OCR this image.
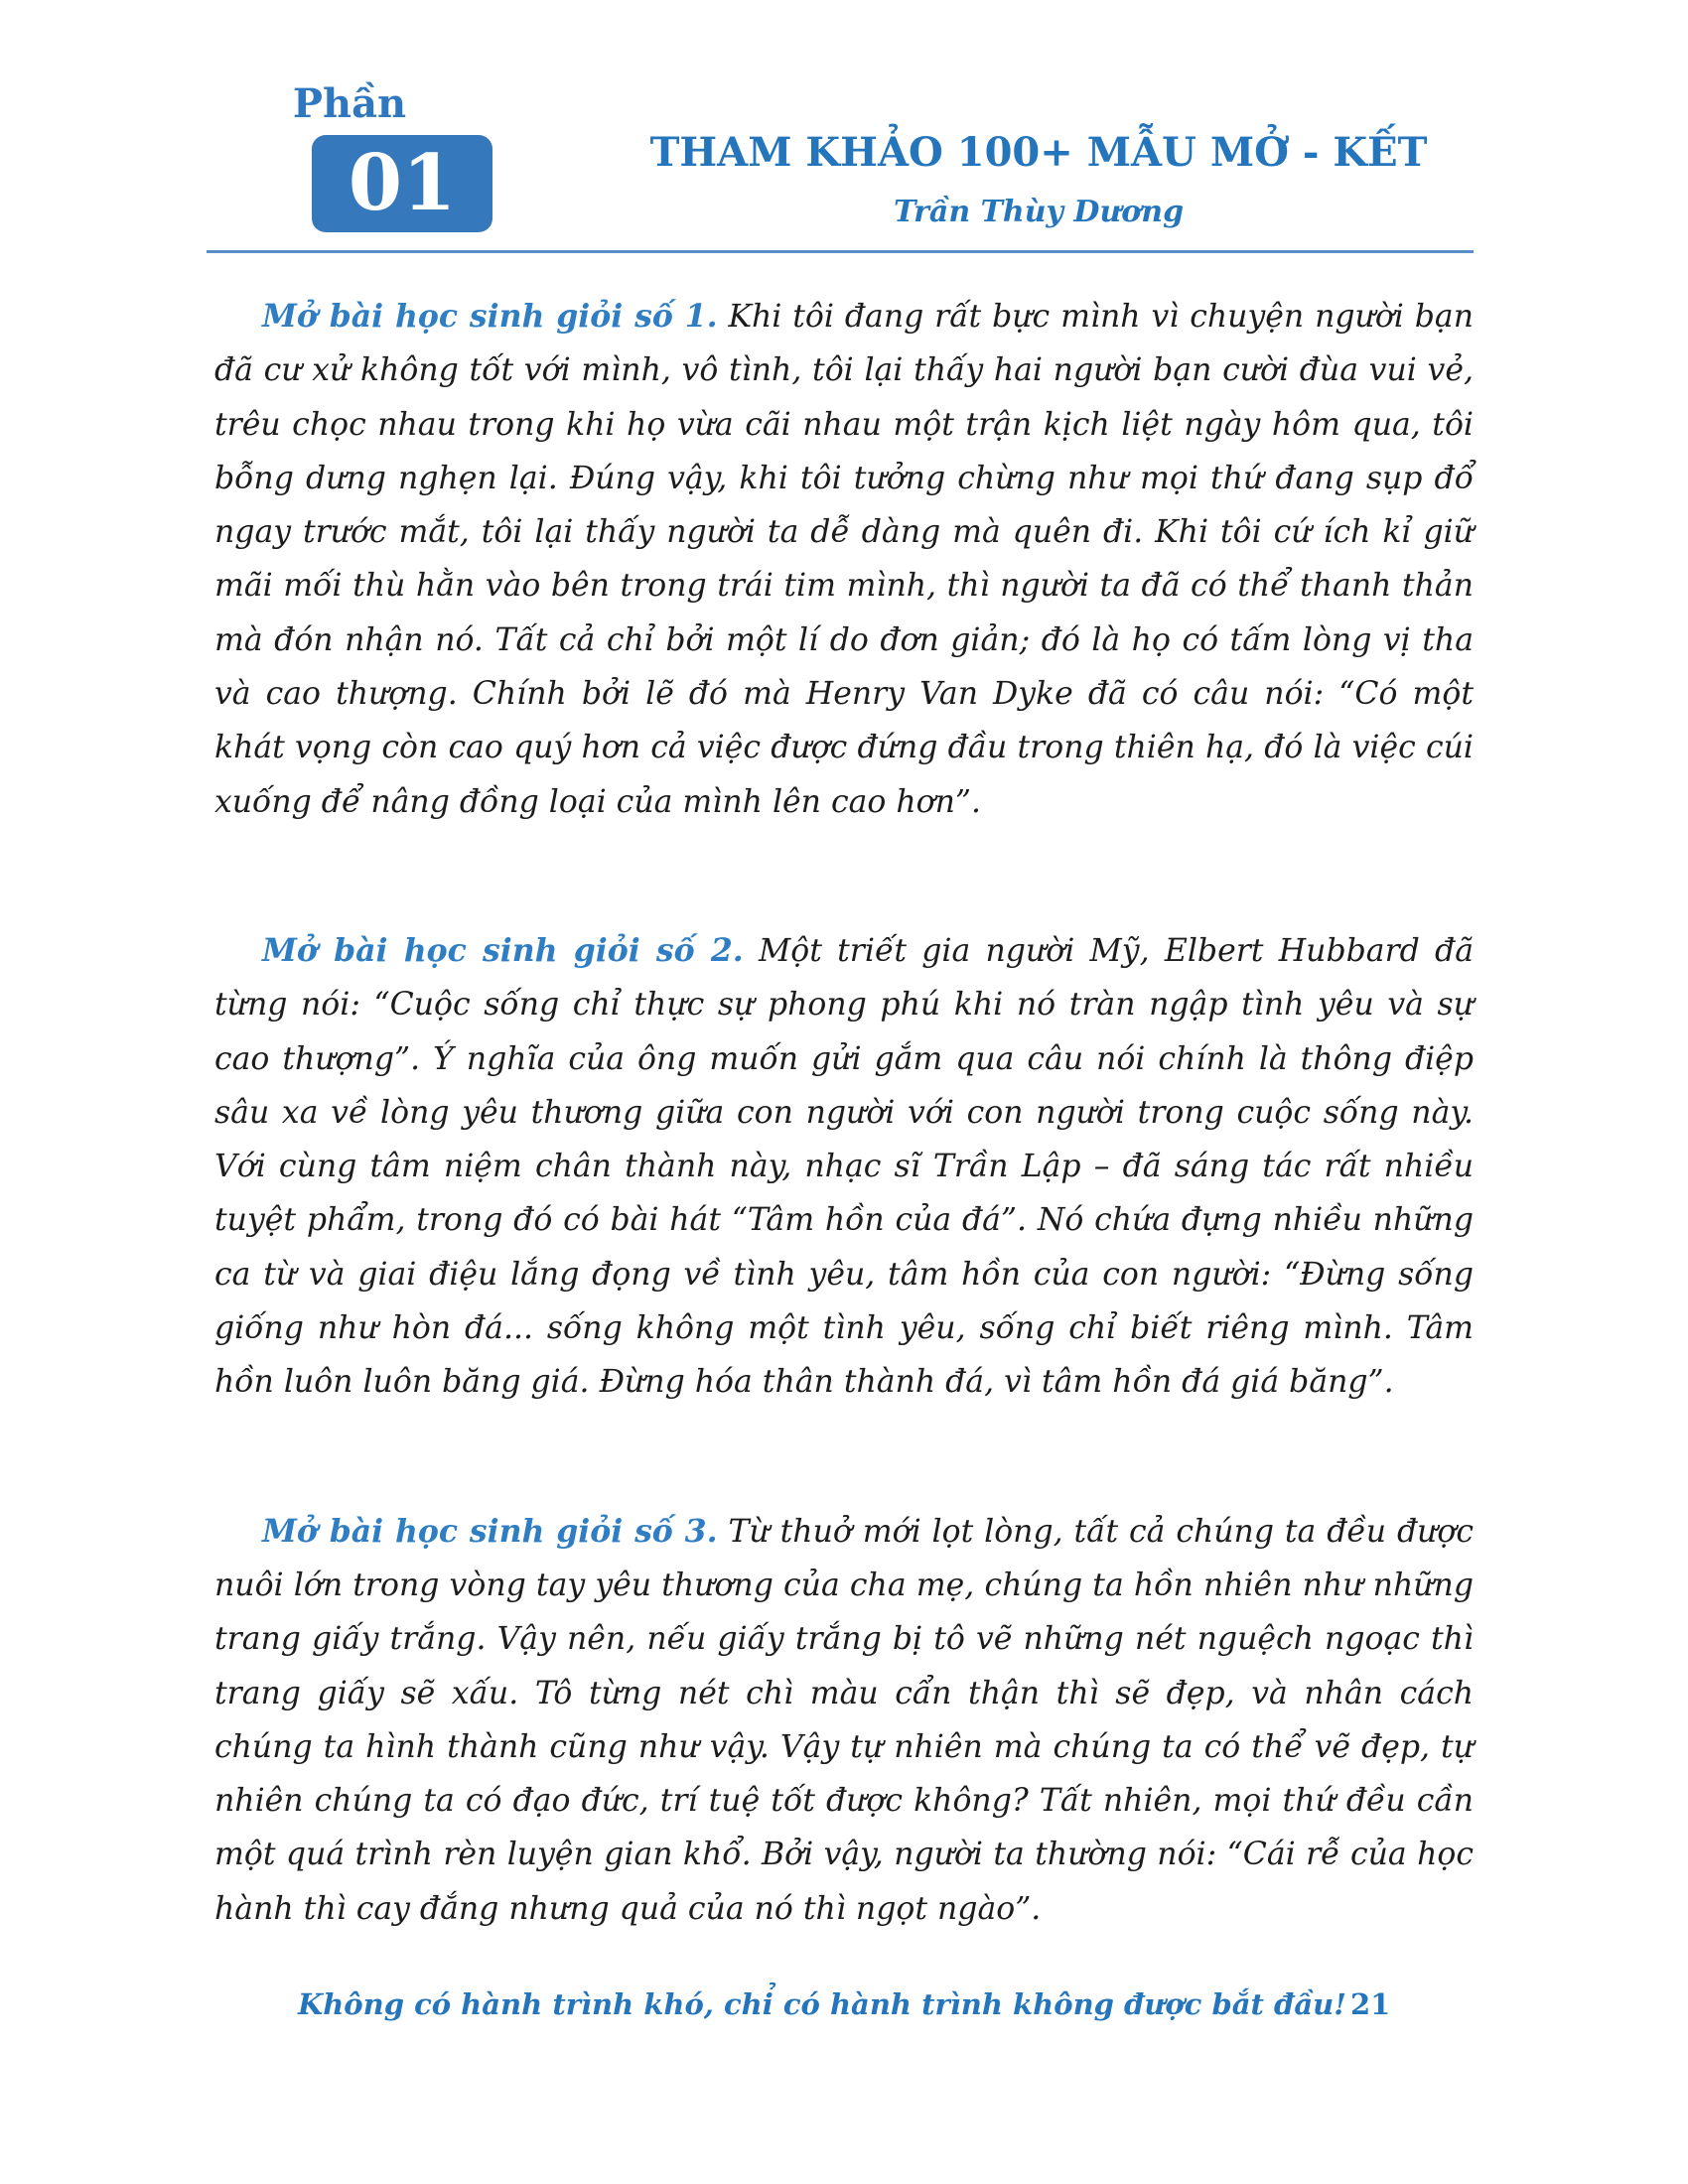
Phần
01	THAM KHẢO 100+ MẪU MỞ - KẾT
Trần Thùy Dương

Mở bài học sinh giỏi số 1. Khi tôi đang rất bực mình vì chuyện người bạn đã cư xử không tốt với mình, vô tình, tôi lại thấy hai người bạn cười đùa vui vẻ, trêu chọc nhau trong khi họ vừa cãi nhau một trận kịch liệt ngày hôm qua, tôi bỗng dưng nghẹn lại. Đúng vậy, khi tôi tưởng chừng như mọi thứ đang sụp đổ ngay trước mắt, tôi lại thấy người ta dễ dàng mà quên đi. Khi tôi cứ ích kỉ giữ mãi mối thù hằn vào bên trong trái tim mình, thì người ta đã có thể thanh thản mà đón nhận nó. Tất cả chỉ bởi một lí do đơn giản; đó là họ có tấm lòng vị tha và cao thượng. Chính bởi lẽ đó mà Henry Van Dyke đã có câu nói: “Có một khát vọng còn cao quý hơn cả việc được đứng đầu trong thiên hạ, đó là việc cúi xuống để nâng đồng loại của mình lên cao hơn”.

Mở bài học sinh giỏi số 2. Một triết gia người Mỹ, Elbert Hubbard đã từng nói: “Cuộc sống chỉ thực sự phong phú khi nó tràn ngập tình yêu và sự cao thượng”. Ý nghĩa của ông muốn gửi gắm qua câu nói chính là thông điệp sâu xa về lòng yêu thương giữa con người với con người trong cuộc sống này. Với cùng tâm niệm chân thành này, nhạc sĩ Trần Lập – đã sáng tác rất nhiều tuyệt phẩm, trong đó có bài hát “Tâm hồn của đá”. Nó chứa đựng nhiều những ca từ và giai điệu lắng đọng về tình yêu, tâm hồn của con người: “Đừng sống giống như hòn đá... sống không một tình yêu, sống chỉ biết riêng mình. Tâm hồn luôn luôn băng giá. Đừng hóa thân thành đá, vì tâm hồn đá giá băng”.

Mở bài học sinh giỏi số 3. Từ thuở mới lọt lòng, tất cả chúng ta đều được nuôi lớn trong vòng tay yêu thương của cha mẹ, chúng ta hồn nhiên như những trang giấy trắng. Vậy nên, nếu giấy trắng bị tô vẽ những nét nguệch ngoạc thì trang giấy sẽ xấu. Tô từng nét chì màu cẩn thận thì sẽ đẹp, và nhân cách chúng ta hình thành cũng như vậy. Vậy tự nhiên mà chúng ta có thể vẽ đẹp, tự nhiên chúng ta có đạo đức, trí tuệ tốt được không? Tất nhiên, mọi thứ đều cần một quá trình rèn luyện gian khổ. Bởi vậy, người ta thường nói: “Cái rễ của học hành thì cay đắng nhưng quả của nó thì ngọt ngào”.

Không có hành trình khó, chỉ có hành trình không được bắt đầu! 21
